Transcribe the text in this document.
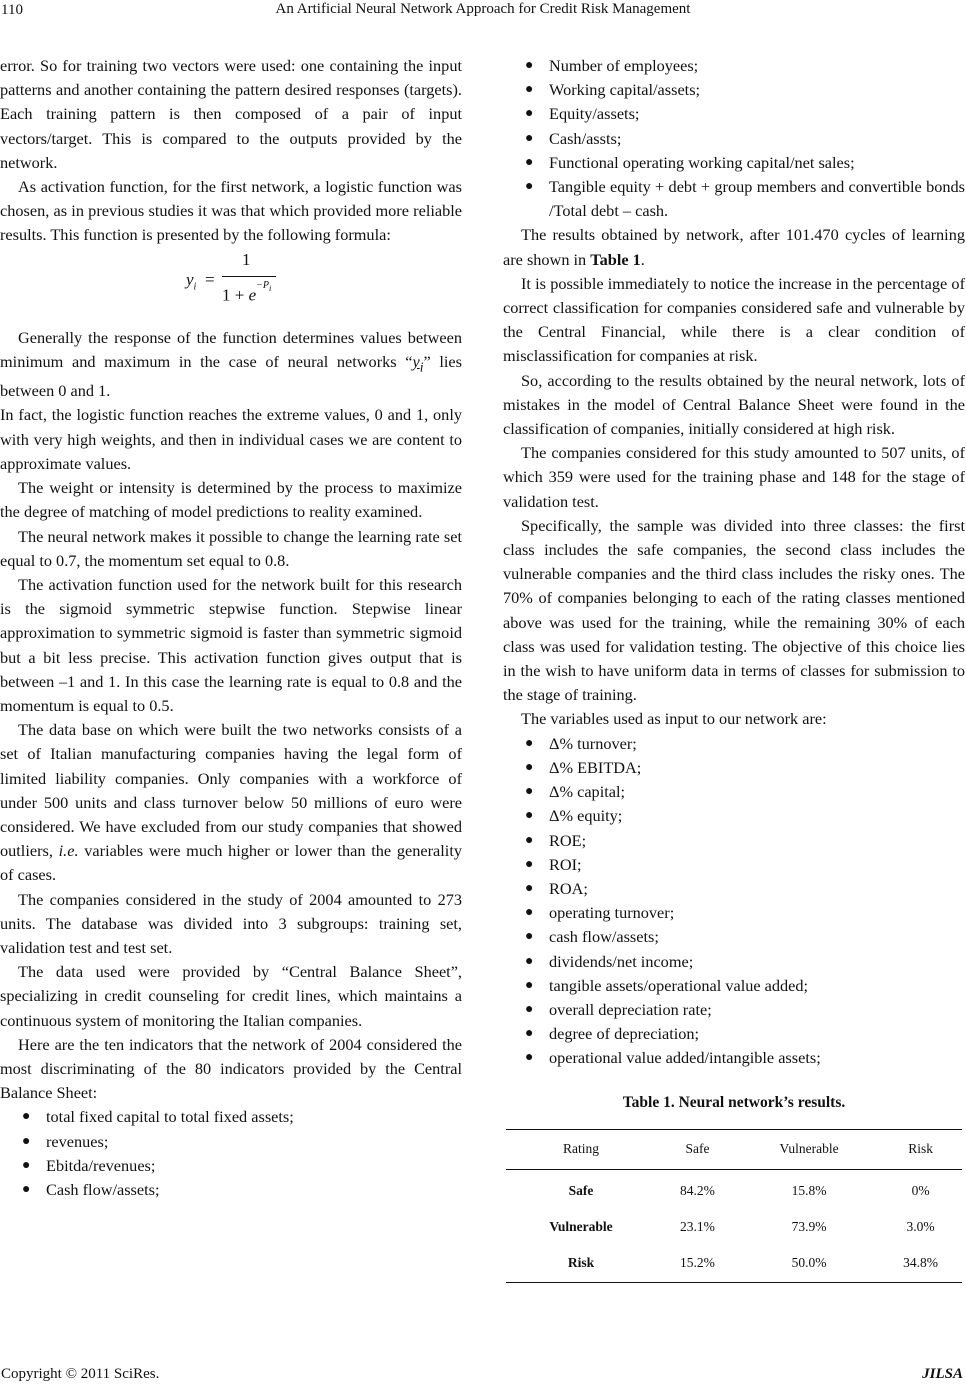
110	An Artificial Neural Network Approach for Credit Risk Management

error. So for training two vectors were used: one containing the input patterns and another containing the pattern desired responses (targets). Each training pattern is then composed of a pair of input vectors/target. This is compared to the outputs provided by the network.

As activation function, for the first network, a logistic function was chosen, as in previous studies it was that which provided more reliable results. This function is presented by the following formula:

$y_i$ =
1
$1 + e^{-P_i}$

Generally the response of the function determines values between minimum and maximum in the case of neural networks “$y_i$” lies between 0 and 1.

In fact, the logistic function reaches the extreme values, 0 and 1, only with very high weights, and then in individual cases we are content to approximate values.

The weight or intensity is determined by the process to maximize the degree of matching of model predictions to reality examined.

The neural network makes it possible to change the learning rate set equal to 0.7, the momentum set equal to 0.8.

The activation function used for the network built for this research is the sigmoid symmetric stepwise function. Stepwise linear approximation to symmetric sigmoid is faster than symmetric sigmoid but a bit less precise. This activation function gives output that is between –1 and 1. In this case the learning rate is equal to 0.8 and the momentum is equal to 0.5.

The data base on which were built the two networks consists of a set of Italian manufacturing companies having the legal form of limited liability companies. Only companies with a workforce of under 500 units and class turnover below 50 millions of euro were considered. We have excluded from our study companies that showed outliers, i.e. variables were much higher or lower than the generality of cases.

The companies considered in the study of 2004 amounted to 273 units. The database was divided into 3 subgroups: training set, validation test and test set.

The data used were provided by “Central Balance Sheet”, specializing in credit counseling for credit lines, which maintains a continuous system of monitoring the Italian companies.

Here are the ten indicators that the network of 2004 considered the most discriminating of the 80 indicators provided by the Central Balance Sheet:

● total fixed capital to total fixed assets;
● revenues;
● Ebitda/revenues;
● Cash flow/assets;
● Number of employees;
● Working capital/assets;
● Equity/assets;
● Cash/assts;
● Functional operating working capital/net sales;
● Tangible equity + debt + group members and convertible bonds /Total debt – cash.

The results obtained by network, after 101.470 cycles of learning are shown in Table 1.

It is possible immediately to notice the increase in the percentage of correct classification for companies considered safe and vulnerable by the Central Financial, while there is a clear condition of misclassification for companies at risk.

So, according to the results obtained by the neural network, lots of mistakes in the model of Central Balance Sheet were found in the classification of companies, initially considered at high risk.

The companies considered for this study amounted to 507 units, of which 359 were used for the training phase and 148 for the stage of validation test.

Specifically, the sample was divided into three classes: the first class includes the safe companies, the second class includes the vulnerable companies and the third class includes the risky ones. The 70% of companies belonging to each of the rating classes mentioned above was used for the training, while the remaining 30% of each class was used for validation testing. The objective of this choice lies in the wish to have uniform data in terms of classes for submission to the stage of training.

The variables used as input to our network are:

● Δ% turnover;
● Δ% EBITDA;
● Δ% capital;
● Δ% equity;
● ROE;
● ROI;
● ROA;
● operating turnover;
● cash flow/assets;
● dividends/net income;
● tangible assets/operational value added;
● overall depreciation rate;
● degree of depreciation;
● operational value added/intangible assets;
Table 1. Neural network’s results.
Rating	Safe	Vulnerable	Risk
Safe	84.2%	15.8%	0%
Vulnerable	23.1%	73.9%	3.0%
Risk	15.2%	50.0%	34.8%
Copyright © 2011 SciRes.	JILSA
